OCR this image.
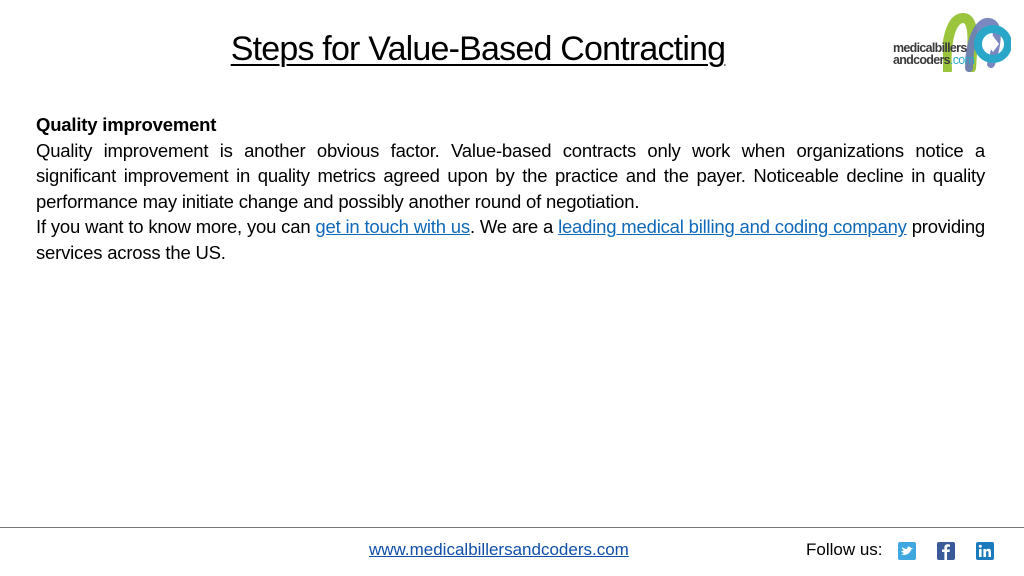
Steps for Value-Based Contracting	medicalbillers
andcoders.com

Quality improvement

Quality improvement is another obvious factor. Value-based contracts only work when organizations notice a significant improvement in quality metrics agreed upon by the practice and the payer. Noticeable decline in quality performance may initiate change and possibly another round of negotiation.

If you want to know more, you can get in touch with us. We are a leading medical billing and coding company providing services across the US.

www.medicalbillersandcoders.com	Follow us:
